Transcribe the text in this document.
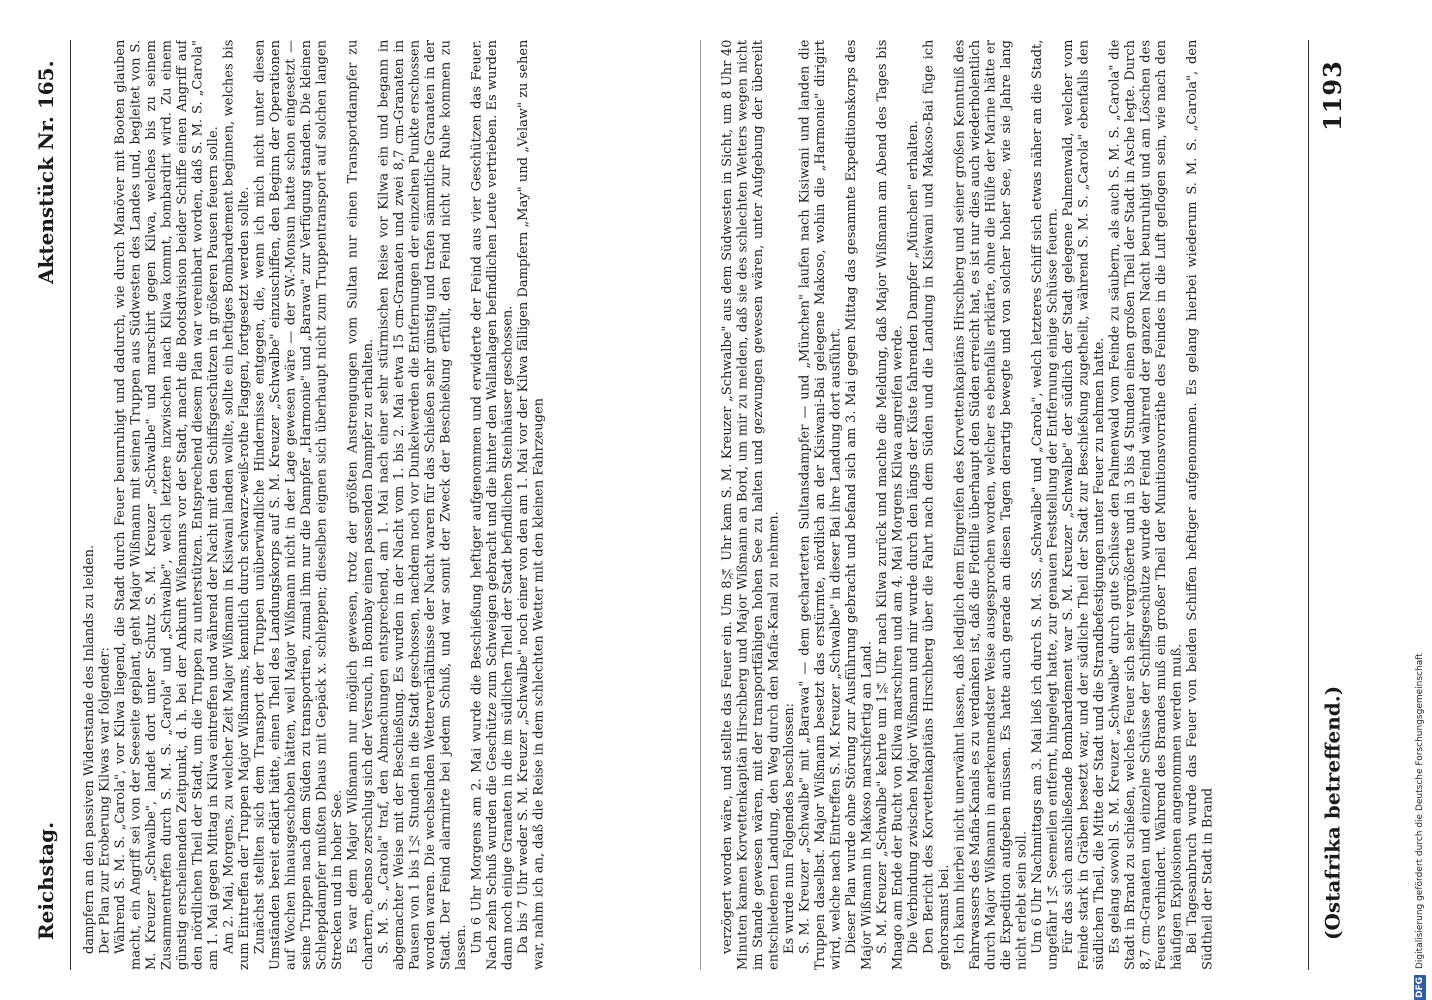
Reichstag.
Aktenstück Nr. 165.

dampfern an den passiven Widerstande des Inlands zu leiden. Der Plan zur Eroberung Kilwas war folgender: Während S. M. S. „Carola", vor Kilwa liegend, die Stadt durch Feuer beunruhigt und dadurch, wie durch Manöver mit Booten glauben macht, ein Angriff sei von der Seeseite geplant, geht Major Wißmann mit seinen Truppen aus Südwesten des Landes und, begleitet von S. M. Kreuzer „Schwalbe", landet dort unter Schutz S. M. Kreuzer „Schwalbe" und marschirt gegen Kilwa, welches bis zu seinem Zusammentreffen durch S. M. S. „Carola" und „Schwalbe", welch letztere inzwischen nach Kilwa kommt, bombardirt wird. Zu einem günstig erscheinenden Zeitpunkt, d. h. bei der Ankunft Wißmanns vor der Stadt, macht die Bootsdivision beider Schiffe einen Angriff auf den nördlichen Theil der Stadt, um die Truppen zu unterstützen. Entsprechend diesem Plan war vereinbart worden, daß S. M. S. „Carola" am 1. Mai gegen Mittag in Kilwa eintreffen und während der Nacht mit den Schiffsgeschützen in größeren Pausen feuern solle. Am 2. Mai, Morgens, zu welcher Zeit Major Wißmann in Kisiwani landen wollte, sollte ein heftiges Bombardement beginnen, welches bis zum Eintreffen der Truppen Major Wißmanns, kenntlich durch schwarz-weiß-rothe Flaggen, fortgesetzt werden sollte. Zunächst stellten sich dem Transport der Truppen unüberwindliche Hindernisse entgegen, die, wenn ich mich nicht unter diesen Umständen bereit erklärt hätte, einen Theil des Landungskorps auf S. M. Kreuzer „Schwalbe" einzuschiffen, den Beginn der Operationen auf Wochen hinausgeschoben hätten, weil Major Wißmann nicht in der Lage gewesen wäre — der SW.-Monsun hatte schon eingesetzt — seine Truppen nach dem Süden zu transportiren, zumal ihm nur die Dampfer „Harmonie" und „Barawa" zur Verfügung standen. Die kleinen Schleppdampfer mußten Dhaus mit Gepäck x. schleppen; dieselben eignen sich überhaupt nicht zum Truppentransport auf solchen langen Strecken und in hoher See. Es war dem Major Wißmann nur möglich gewesen, trotz der größten Anstrengungen vom Sultan nur einen Transportdampfer zu chartern, ebenso zerschlug sich der Versuch, in Bombay einen passenden Dampfer zu erhalten. S. M. S. „Carola" traf, den Abmachungen entsprechend, am 1. Mai nach einer sehr stürmischen Reise vor Kilwa ein und begann in abgemachter Weise mit der Beschießung. Es wurden in der Nacht vom 1. bis 2. Mai etwa 15 cm-Granaten und zwei 8,7 cm-Granaten in Pausen von 1 bis 1½ Stunden in die Stadt geschossen, nachdem noch vor Dunkelwerden die Entfernungen der einzelnen Punkte erschossen worden waren. Die wechselnden Wetterverhältnisse der Nacht waren für das Schießen sehr günstig und trafen sämmtliche Granaten in der Stadt. Der Feind alarmirte bei jedem Schuß, und war somit der Zweck der Beschießung erfüllt, den Feind nicht zur Ruhe kommen zu lassen. Um 6 Uhr Morgens am 2. Mai wurde die Beschießung heftiger aufgenommen und erwiderte der Feind aus vier Geschützen das Feuer. Nach zehn Schuß wurden die Geschütze zum Schweigen gebracht und die hinter den Wallanlagen befindlichen Leute vertrieben. Es wurden dann noch einige Granaten in die im südlichen Theil der Stadt befindlichen Steinhäuser geschossen. Da bis 7 Uhr weder S. M. Kreuzer „Schwalbe" noch einer von den am 1. Mai vor der Kilwa fälligen Dampfern „May" und „Velaw" zu sehen war, nahm ich an, daß die Reise in dem schlechten Wetter mit den kleinen Fahrzeugen	verzögert worden wäre, und stellte das Feuer ein. Um 8¾ Uhr kam S. M. Kreuzer „Schwalbe" aus dem Südwesten in Sicht, um 8 Uhr 40 Minuten kamen Korvettenkapitän Hirschberg und Major Wißmann an Bord, um mir zu melden, daß sie des schlechten Wetters wegen nicht im Stande gewesen wären, mit der transportfähigen hohen See zu halten und gezwungen gewesen wären, unter Aufgebung der übereilt entschiedenen Landung, den Weg durch den Mafia-Kanal zu nehmen. Es wurde nun Folgendes beschlossen: S. M. Kreuzer „Schwalbe" mit „Barawa" — dem gecharterten Sultansdampfer — und „München" laufen nach Kisiwani und landen die Truppen daselbst. Major Wißmann besetzt das erstürmte, nördlich an der Kisiwani-Bai gelegene Makoso, wohin die „Harmonie" dirigirt wird, welche nach Eintreffen S. M. Kreuzer „Schwalbe" in dieser Bai ihre Landung dort ausführt. Dieser Plan wurde ohne Störung zur Ausführung gebracht und befand sich am 3. Mai gegen Mittag das gesammte Expeditionskorps des Major Wißmann in Makoso marschfertig an Land. S. M. Kreuzer „Schwalbe" kehrte um 1¾ Uhr nach Kilwa zurück und machte die Meldung, daß Major Wißmann am Abend des Tages bis Mnago am Ende der Bucht von Kilwa marschiren und am 4. Mai Morgens Kilwa angreifen werde. Die Verbindung zwischen Major Wißmann und mir wurde durch den längs der Küste fahrenden Dampfer „München" erhalten. Den Bericht des Korvettenkapitäns Hirschberg über die Fahrt nach dem Süden und die Landung in Kisiwani und Makoso-Bai füge ich gehorsamst bei. Ich kann hierbei nicht unerwähnt lassen, daß lediglich dem Eingreifen des Korvettenkapitäns Hirschberg und seiner großen Kenntniß des Fahrwassers des Mafia-Kanals es zu verdanken ist, daß die Flottille überhaupt den Süden erreicht hat, es ist nur dies auch wiederholentlich durch Major Wißmann in anerkennendster Weise ausgesprochen worden, welcher es ebenfalls erklärte, ohne die Hülfe der Marine hätte er die Expedition aufgeben müssen. Es hatte auch gerade an diesen Tagen derartig bewegte und von solcher hoher See, wie sie Jahre lang nicht erlebt sein soll. Um 6 Uhr Nachmittags am 3. Mai ließ ich durch S. M. SS. „Schwalbe" und „Carola", welch letzteres Schiff sich etwas näher an die Stadt, ungefähr 1¼ Seemeilen entfernt, hingelegt hatte, zur genauen Feststellung der Entfernung einige Schüsse feuern. Für das sich anschließende Bombardement war S. M. Kreuzer „Schwalbe" der südlich der Stadt gelegene Palmenwald, welcher vom Feinde stark in Gräben besetzt war, und der südliche Theil der Stadt zur Beschießung zugetheilt, während S. M. S. „Carola" ebenfalls den südlichen Theil, die Mitte der Stadt und die Strandbefestigungen unter Feuer zu nehmen hatte. Es gelang sowohl S. M. Kreuzer „Schwalbe" durch gute Schüsse den Palmenwald vom Feinde zu säubern, als auch S. M. S. „Carola" die Stadt in Brand zu schießen, welches Feuer sich sehr vergrößerte und in 3 bis 4 Stunden einen großen Theil der Stadt in Asche legte. Durch 8,7 cm-Granaten und einzelne Schüsse der Schiffsgeschütze wurde der Feind während der ganzen Nacht beunruhigt und am Löschen des Feuers verhindert. Während des Brandes muß ein großer Theil der Munitionsvorräthe des Feindes in die Luft geflogen sein, wie nach den häufigen Explosionen angenommen werden muß. Bei Tagesanbruch wurde das Feuer von beiden Schiffen heftiger aufgenommen. Es gelang hierbei wiederum S. M. S. „Carola", den Südtheil der Stadt in Brand	(Ostafrika betreffend.)
1193
DFG
Digitalisierung gefördert durch die Deutsche Forschungsgemeinschaft
